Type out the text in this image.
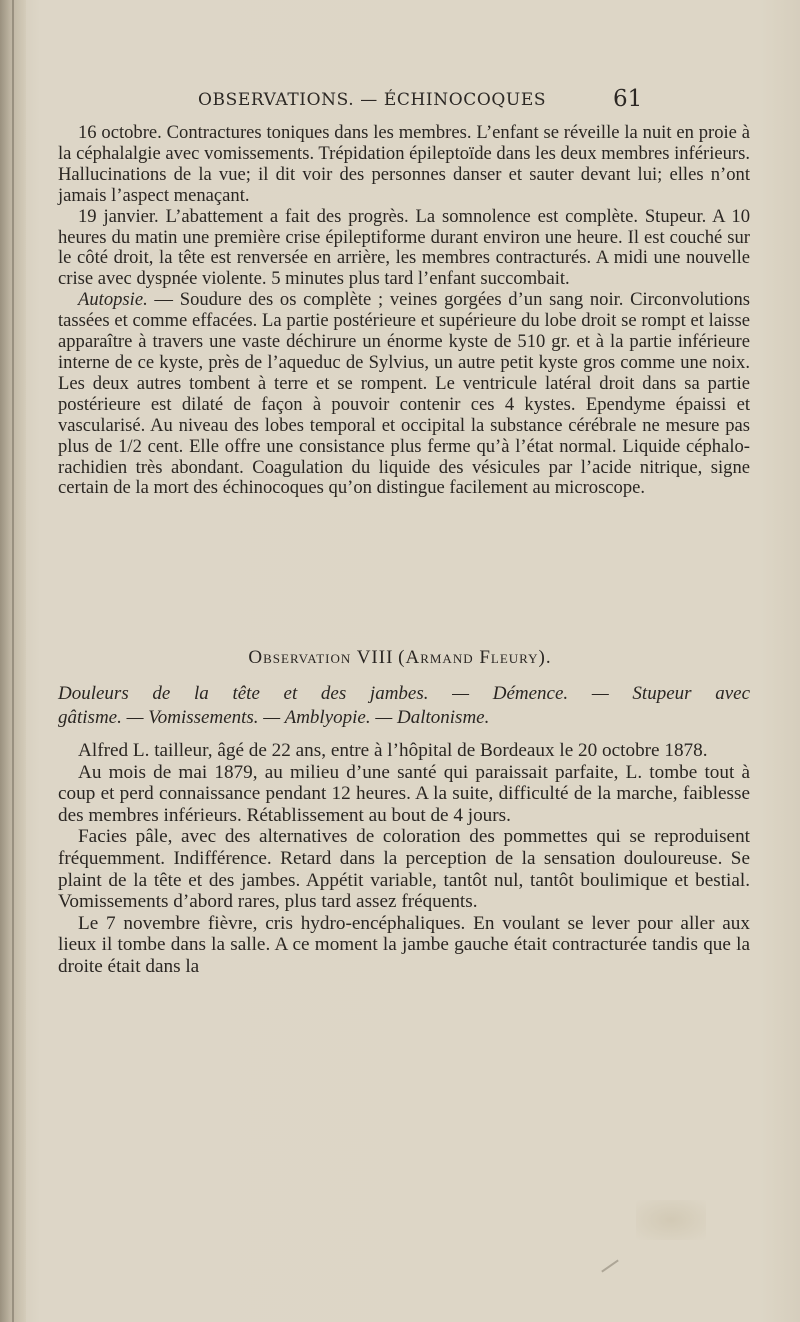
OBSERVATIONS. — ÉCHINOCOQUES	61

16 octobre. Contractures toniques dans les membres. L’enfant se réveille la nuit en proie à la céphalalgie avec vomissements. Trépidation épileptoïde dans les deux membres inférieurs. Hallucinations de la vue; il dit voir des personnes danser et sauter devant lui; elles n’ont jamais l’aspect menaçant.

19 janvier. L’abattement a fait des progrès. La somnolence est complète. Stupeur. A 10 heures du matin une première crise épileptiforme durant environ une heure. Il est couché sur le côté droit, la tête est renversée en arrière, les membres contracturés. A midi une nouvelle crise avec dyspnée violente. 5 minutes plus tard l’enfant succombait.

Autopsie. — Soudure des os complète ; veines gorgées d’un sang noir. Circonvolutions tassées et comme effacées. La partie postérieure et supérieure du lobe droit se rompt et laisse apparaître à travers une vaste déchirure un énorme kyste de 510 gr. et à la partie inférieure interne de ce kyste, près de l’aqueduc de Sylvius, un autre petit kyste gros comme une noix. Les deux autres tombent à terre et se rompent. Le ventricule latéral droit dans sa partie postérieure est dilaté de façon à pouvoir contenir ces 4 kystes. Ependyme épaissi et vascularisé. Au niveau des lobes temporal et occipital la substance cérébrale ne mesure pas plus de 1/2 cent. Elle offre une consistance plus ferme qu’à l’état normal. Liquide céphalo-rachidien très abondant. Coagulation du liquide des vésicules par l’acide nitrique, signe certain de la mort des échinocoques qu’on distingue facilement au microscope.

Observation VIII (Armand Fleury).
Douleurs de la tête et des jambes. — Démence. — Stupeur avec
gâtisme. — Vomissements. — Amblyopie. — Daltonisme.

Alfred L. tailleur, âgé de 22 ans, entre à l’hôpital de Bordeaux le 20 octobre 1878.

Au mois de mai 1879, au milieu d’une santé qui paraissait parfaite, L. tombe tout à coup et perd connaissance pendant 12 heures. A la suite, difficulté de la marche, faiblesse des membres inférieurs. Rétablissement au bout de 4 jours.

Facies pâle, avec des alternatives de coloration des pommettes qui se reproduisent fréquemment. Indifférence. Retard dans la perception de la sensation douloureuse. Se plaint de la tête et des jambes. Appétit variable, tantôt nul, tantôt boulimique et bestial. Vomissements d’abord rares, plus tard assez fréquents.

Le 7 novembre fièvre, cris hydro-encéphaliques. En voulant se lever pour aller aux lieux il tombe dans la salle. A ce moment la jambe gauche était contracturée tandis que la droite était dans la
